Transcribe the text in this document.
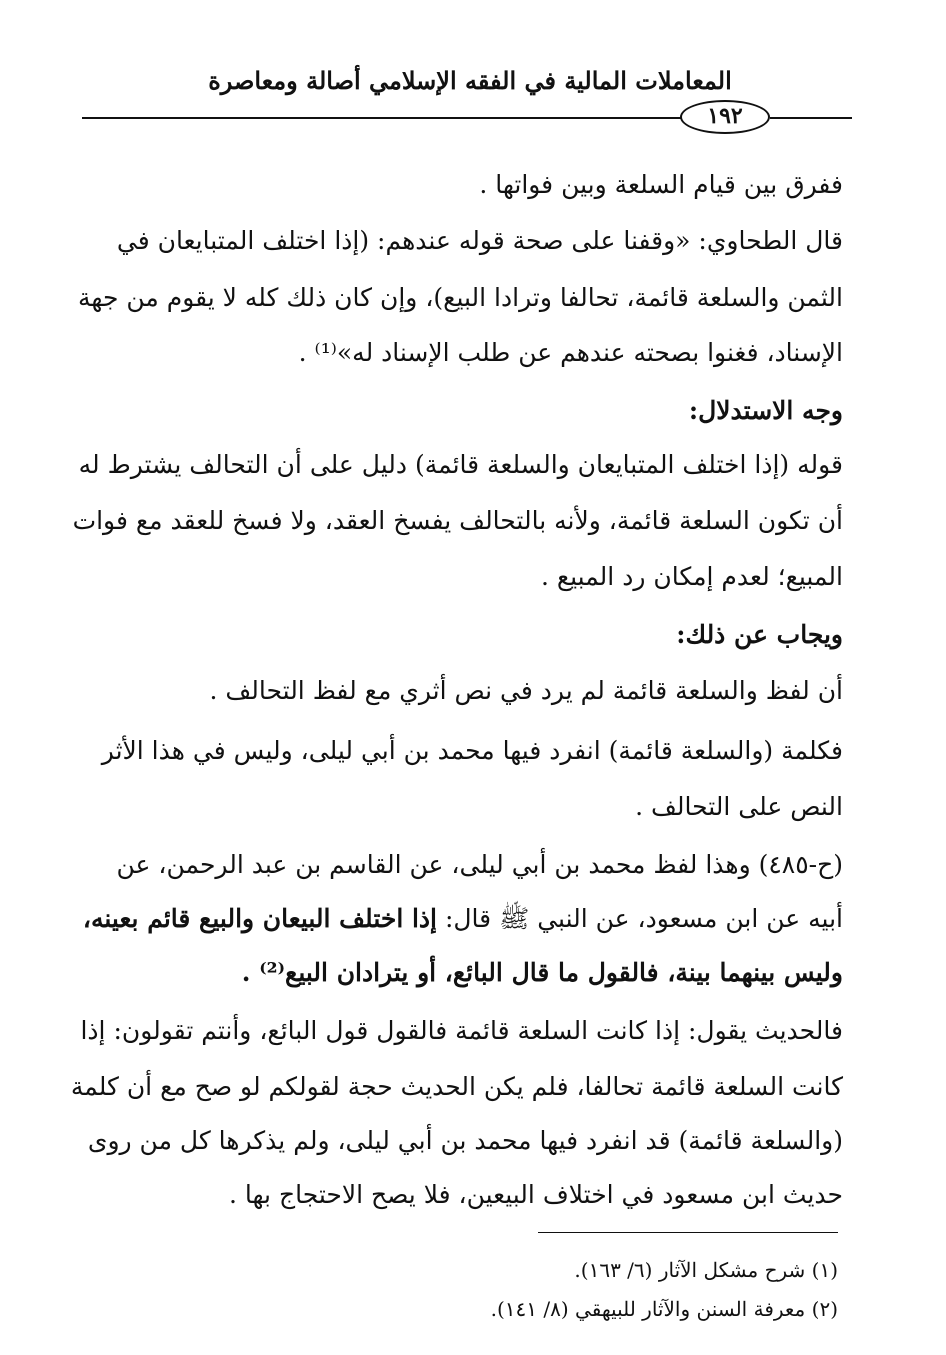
المعاملات المالية في الفقه الإسلامي أصالة ومعاصرة
١٩٢
ففرق بين قيام السلعة وبين فواتها .
قال الطحاوي: «وقفنا على صحة قوله عندهم: (إذا اختلف المتبايعان في
الثمن والسلعة قائمة، تحالفا وترادا البيع)، وإن كان ذلك كله لا يقوم من جهة
الإسناد، فغنوا بصحته عندهم عن طلب الإسناد له»⁽¹⁾ .
وجه الاستدلال:
قوله (إذا اختلف المتبايعان والسلعة قائمة) دليل على أن التحالف يشترط له
أن تكون السلعة قائمة، ولأنه بالتحالف يفسخ العقد، ولا فسخ للعقد مع فوات
المبيع؛ لعدم إمكان رد المبيع .
ويجاب عن ذلك:
أن لفظ والسلعة قائمة لم يرد في نص أثري مع لفظ التحالف .
فكلمة (والسلعة قائمة) انفرد فيها محمد بن أبي ليلى، وليس في هذا الأثر
النص على التحالف .
(ح-٤٨٥) وهذا لفظ محمد بن أبي ليلى، عن القاسم بن عبد الرحمن، عن
أبيه عن ابن مسعود، عن النبي ﷺ قال: إذا اختلف البيعان والبيع قائم بعينه،
وليس بينهما بينة، فالقول ما قال البائع، أو يترادان البيع⁽²⁾ .
فالحديث يقول: إذا كانت السلعة قائمة فالقول قول البائع، وأنتم تقولون: إذا
كانت السلعة قائمة تحالفا، فلم يكن الحديث حجة لقولكم لو صح مع أن كلمة
(والسلعة قائمة) قد انفرد فيها محمد بن أبي ليلى، ولم يذكرها كل من روى
حديث ابن مسعود في اختلاف البيعين، فلا يصح الاحتجاج بها .
(١) شرح مشكل الآثار (٦/ ١٦٣).
(٢) معرفة السنن والآثار للبيهقي (٨/ ١٤١).
